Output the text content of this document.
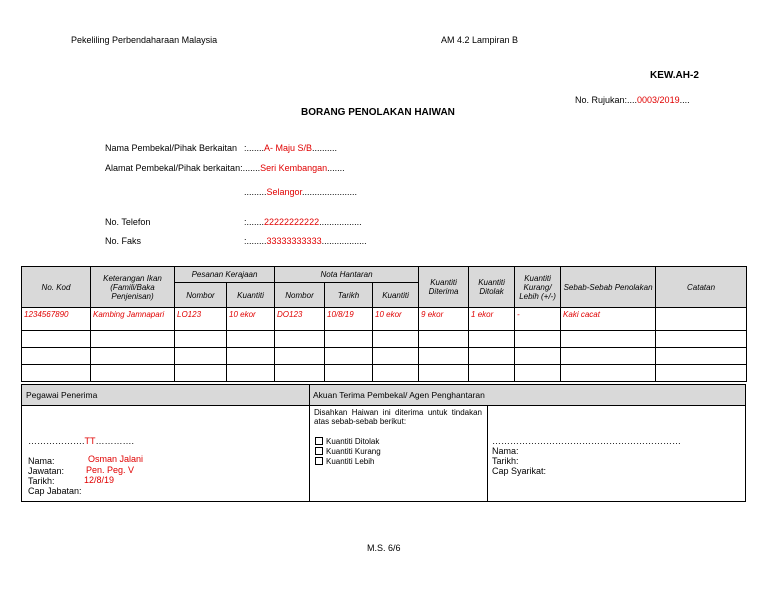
Pekeliling Perbendaharaan Malaysia	AM 4.2 Lampiran B
KEW.AH-2
No. Rujukan:....0003/2019....
BORANG PENOLAKAN HAIWAN
Nama Pembekal/Pihak Berkaitan :.......A- Maju S/B..........
Alamat Pembekal/Pihak berkaitan:.......Seri Kembangan.......
.........Selangor......................
No. Telefon	:.......22222222222.................
No. Faks	:........33333333333..................
No. Kod	Keterangan Ikan (Famili/Baka Penjenisan)	Pesanan Kerajaan		Nota Hantaran			Kuantiti Diterima	Kuantiti Ditolak	Kuantiti Kurang/ Lebih (+/-)	Sebab-Sebab Penolakan	Catatan
		Nombor	Kuantiti	Nombor	Tarikh	Kuantiti					
1234567890	Kambing Jamnapari	LO123	10 ekor	DO123	10/8/19	10 ekor	9 ekor	1 ekor	-	Kaki cacat	

Pegawai Penerima	Akuan Terima Pembekal/ Agen Penghantaran
……………….TT………….
Nama:	Osman Jalani
Jawatan: Pen. Peg. V
Tarikh:	12/8/19
Cap Jabatan:
Disahkan Haiwan ini diterima untuk tindakan atas sebab-sebab berikut:
Kuantiti Ditolak
Kuantiti Kurang
Kuantiti Lebih
………………………………………………………
Nama:
Tarikh:
Cap Syarikat:
M.S. 6/6
